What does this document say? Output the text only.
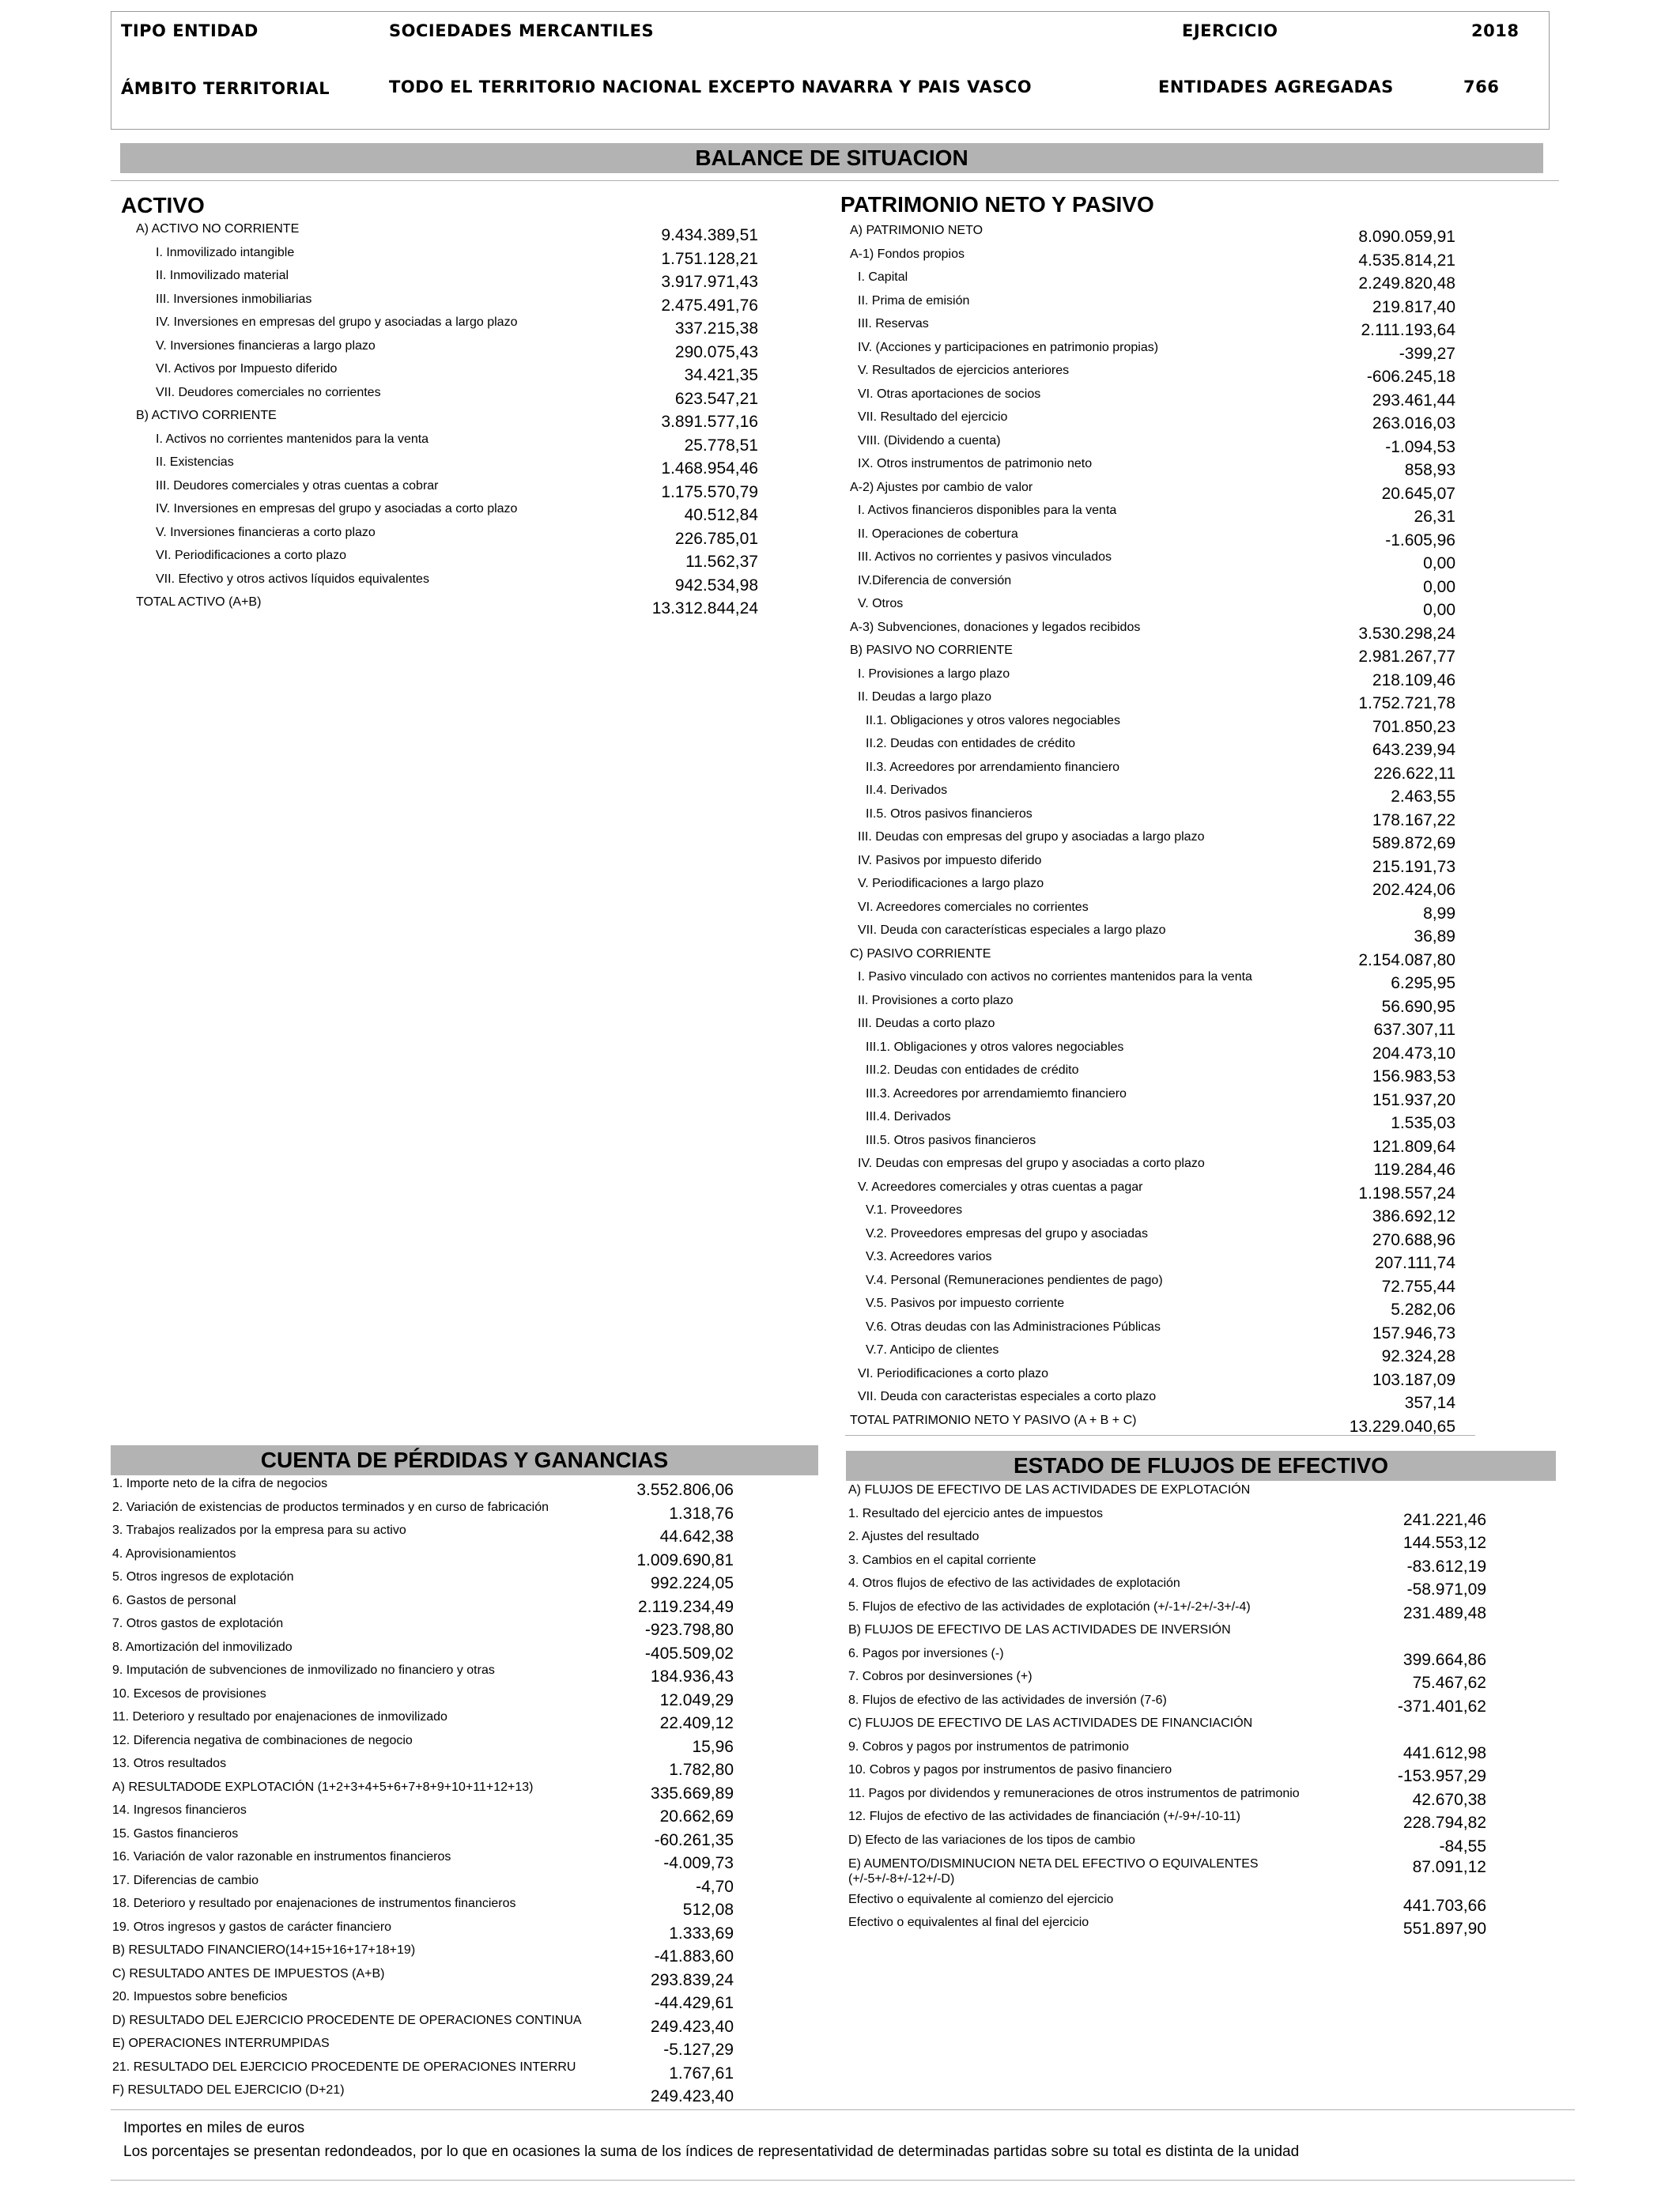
TIPO ENTIDAD	SOCIEDADES MERCANTILES	EJERCICIO	2018
ÁMBITO TERRITORIAL	TODO EL TERRITORIO NACIONAL EXCEPTO NAVARRA Y PAIS VASCO	ENTIDADES AGREGADAS	766
BALANCE DE SITUACION
ACTIVO	PATRIMONIO NETO Y PASIVO
A) ACTIVO NO CORRIENTE	9.434.389,51
I. Inmovilizado intangible	1.751.128,21
II. Inmovilizado material	3.917.971,43
III. Inversiones inmobiliarias	2.475.491,76
IV. Inversiones en empresas del grupo y asociadas a largo plazo	337.215,38
V. Inversiones financieras a largo plazo	290.075,43
VI. Activos por Impuesto diferido	34.421,35
VII. Deudores comerciales no corrientes	623.547,21
B) ACTIVO CORRIENTE	3.891.577,16
I. Activos no corrientes mantenidos para la venta	25.778,51
II. Existencias	1.468.954,46
III. Deudores comerciales y otras cuentas a cobrar	1.175.570,79
IV. Inversiones en empresas del grupo y asociadas a corto plazo	40.512,84
V. Inversiones financieras a corto plazo	226.785,01
VI. Periodificaciones a corto plazo	11.562,37
VII. Efectivo y otros activos líquidos equivalentes	942.534,98
TOTAL ACTIVO (A+B)	13.312.844,24
A) PATRIMONIO NETO	8.090.059,91
A-1) Fondos propios	4.535.814,21
I. Capital	2.249.820,48
II. Prima de emisión	219.817,40
III. Reservas	2.111.193,64
IV. (Acciones y participaciones en patrimonio propias)	-399,27
V. Resultados de ejercicios anteriores	-606.245,18
VI. Otras aportaciones de socios	293.461,44
VII. Resultado del ejercicio	263.016,03
VIII. (Dividendo a cuenta)	-1.094,53
IX. Otros instrumentos de patrimonio neto	858,93
A-2) Ajustes por cambio de valor	20.645,07
I. Activos financieros disponibles para la venta	26,31
II. Operaciones de cobertura	-1.605,96
III. Activos no corrientes y pasivos vinculados	0,00
IV.Diferencia de conversión	0,00
V. Otros	0,00
A-3) Subvenciones, donaciones y legados recibidos	3.530.298,24
B) PASIVO NO CORRIENTE	2.981.267,77
I. Provisiones a largo plazo	218.109,46
II. Deudas a largo plazo	1.752.721,78
II.1. Obligaciones y otros valores negociables	701.850,23
II.2. Deudas con entidades de crédito	643.239,94
II.3. Acreedores por arrendamiento financiero	226.622,11
II.4. Derivados	2.463,55
II.5. Otros pasivos financieros	178.167,22
III. Deudas con empresas del grupo y asociadas a largo plazo	589.872,69
IV. Pasivos por impuesto diferido	215.191,73
V. Periodificaciones a largo plazo	202.424,06
VI. Acreedores comerciales no corrientes	8,99
VII. Deuda con características especiales a largo plazo	36,89
C) PASIVO CORRIENTE	2.154.087,80
I. Pasivo vinculado con activos no corrientes mantenidos para la venta	6.295,95
II. Provisiones a corto plazo	56.690,95
III. Deudas a corto plazo	637.307,11
III.1. Obligaciones y otros valores negociables	204.473,10
III.2. Deudas con entidades de crédito	156.983,53
III.3. Acreedores por arrendamiemto financiero	151.937,20
III.4. Derivados	1.535,03
III.5. Otros pasivos financieros	121.809,64
IV. Deudas con empresas del grupo y asociadas a corto plazo	119.284,46
V. Acreedores comerciales y otras cuentas a pagar	1.198.557,24
V.1. Proveedores	386.692,12
V.2. Proveedores empresas del grupo y asociadas	270.688,96
V.3. Acreedores varios	207.111,74
V.4. Personal (Remuneraciones pendientes de pago)	72.755,44
V.5. Pasivos por impuesto corriente	5.282,06
V.6. Otras deudas con las Administraciones Públicas	157.946,73
V.7. Anticipo de clientes	92.324,28
VI. Periodificaciones a corto plazo	103.187,09
VII. Deuda con caracteristas especiales a corto plazo	357,14
TOTAL PATRIMONIO NETO Y PASIVO (A + B + C)	13.229.040,65
CUENTA DE PÉRDIDAS Y GANANCIAS
1. Importe neto de la cifra de negocios	3.552.806,06
2. Variación de existencias de productos terminados y en curso de fabricación	1.318,76
3. Trabajos realizados por la empresa para su activo	44.642,38
4. Aprovisionamientos	1.009.690,81
5. Otros ingresos de explotación	992.224,05
6. Gastos de personal	2.119.234,49
7. Otros gastos de explotación	-923.798,80
8. Amortización del inmovilizado	-405.509,02
9. Imputación de subvenciones de inmovilizado no financiero y otras	184.936,43
10. Excesos de provisiones	12.049,29
11. Deterioro y resultado por enajenaciones de inmovilizado	22.409,12
12. Diferencia negativa de combinaciones de negocio	15,96
13. Otros resultados	1.782,80
A) RESULTADODE EXPLOTACIÓN (1+2+3+4+5+6+7+8+9+10+11+12+13)	335.669,89
14. Ingresos financieros	20.662,69
15. Gastos financieros	-60.261,35
16. Variación de valor razonable en instrumentos financieros	-4.009,73
17. Diferencias de cambio	-4,70
18. Deterioro y resultado por enajenaciones de instrumentos financieros	512,08
19. Otros ingresos y gastos de carácter financiero	1.333,69
B) RESULTADO FINANCIERO(14+15+16+17+18+19)	-41.883,60
C) RESULTADO ANTES DE IMPUESTOS (A+B)	293.839,24
20. Impuestos sobre beneficios	-44.429,61
D) RESULTADO DEL EJERCICIO PROCEDENTE DE OPERACIONES CONTINUA	249.423,40
E) OPERACIONES INTERRUMPIDAS	-5.127,29
21. RESULTADO DEL EJERCICIO PROCEDENTE DE OPERACIONES INTERRU	1.767,61
F) RESULTADO DEL EJERCICIO (D+21)	249.423,40
ESTADO DE FLUJOS DE EFECTIVO
A) FLUJOS DE EFECTIVO DE LAS ACTIVIDADES DE EXPLOTACIÓN
1. Resultado del ejercicio antes de impuestos	241.221,46
2. Ajustes del resultado	144.553,12
3. Cambios en el capital corriente	-83.612,19
4. Otros flujos de efectivo de las actividades de explotación	-58.971,09
5. Flujos de efectivo de las actividades de explotación (+/-1+/-2+/-3+/-4)	231.489,48
B) FLUJOS DE EFECTIVO DE LAS ACTIVIDADES DE INVERSIÓN
6. Pagos por inversiones (-)	399.664,86
7. Cobros por desinversiones (+)	75.467,62
8. Flujos de efectivo de las actividades de inversión (7-6)	-371.401,62
C) FLUJOS DE EFECTIVO DE LAS ACTIVIDADES DE FINANCIACIÓN
9. Cobros y pagos por instrumentos de patrimonio	441.612,98
10. Cobros y pagos por instrumentos de pasivo financiero	-153.957,29
11. Pagos por dividendos y remuneraciones de otros instrumentos de patrimonio	42.670,38
12. Flujos de efectivo de las actividades de financiación (+/-9+/-10-11)	228.794,82
D) Efecto de las variaciones de los tipos de cambio	-84,55
E) AUMENTO/DISMINUCION NETA DEL EFECTIVO O EQUIVALENTES (+/-5+/-8+/-12+/-D)
87.091,12
Efectivo o equivalente al comienzo del ejercicio	441.703,66
Efectivo o equivalentes al final del ejercicio	551.897,90
Importes en miles de euros
Los porcentajes se presentan redondeados, por lo que en ocasiones la suma de los índices de representatividad de determinadas partidas sobre su total es distinta de la unidad
